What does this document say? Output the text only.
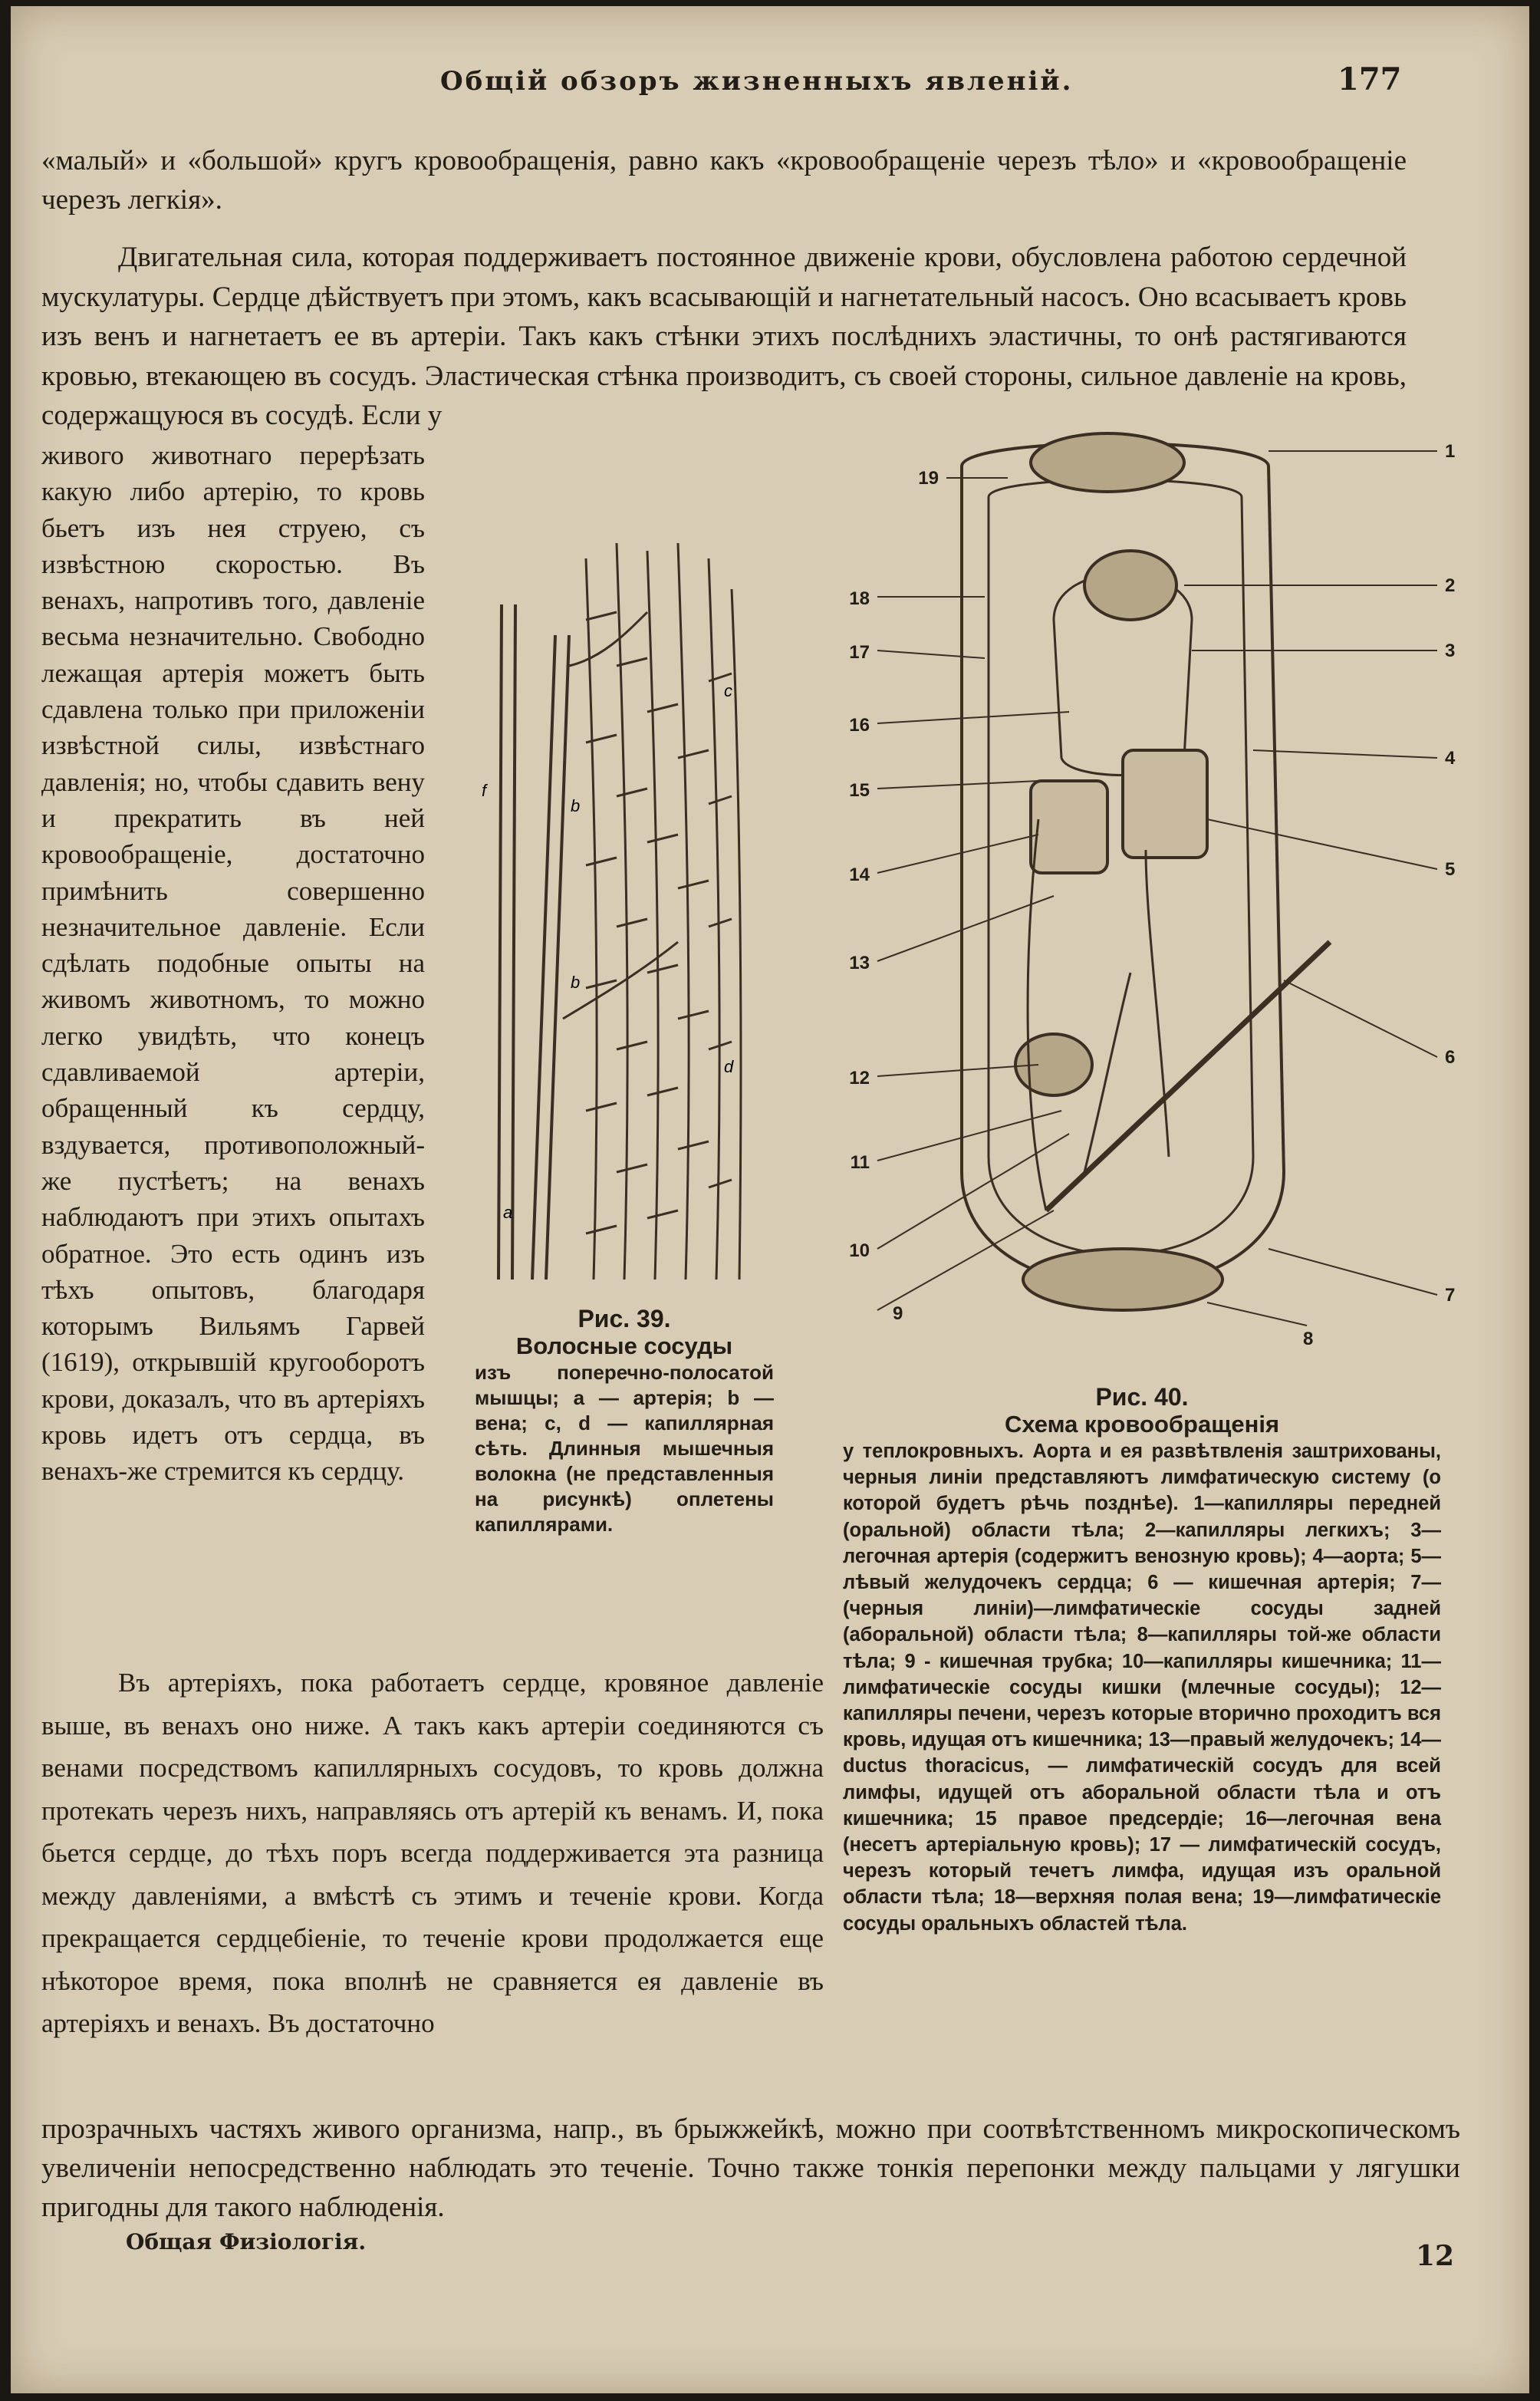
Общій обзоръ жизненныхъ явленій.	177

«малый» и «большой» кругъ кровообращенія, равно какъ «кровообращеніе черезъ тѣло» и «кровообращеніе черезъ легкія».

Двигательная сила, которая поддерживаетъ постоянное движеніе крови, обусловлена работою сердечной мускулатуры. Сердце дѣйствуетъ при этомъ, какъ всасывающій и нагнетательный насосъ. Оно всасываетъ кровь изъ венъ и нагнетаетъ ее въ артеріи. Такъ какъ стѣнки этихъ послѣднихъ эластичны, то онѣ растягиваются кровью, втекающею въ сосудъ. Эластическая стѣнка производитъ, съ своей стороны, сильное давленіе на кровь, содержащуюся въ сосудѣ. Если у

живого животнаго перерѣзать какую либо артерію, то кровь бьетъ изъ нея струею, съ извѣстною скоростью. Въ венахъ, напротивъ того, давленіе весьма незначительно. Свободно лежащая артерія можетъ быть сдавлена только при приложеніи извѣстной силы, извѣстнаго давленія; но, чтобы сдавить вену и прекратить въ ней кровообращеніе, достаточно примѣнить совершенно незначительное давленіе. Если сдѣлать подобные опыты на живомъ животномъ, то можно легко увидѣть, что конецъ сдавливаемой артеріи, обращенный къ сердцу, вздувается, противоположный-же пустѣетъ; на венахъ наблюдаютъ при этихъ опытахъ обратное. Это есть одинъ изъ тѣхъ опытовъ, благодаря которымъ Вильямъ Гарвей (1619), открывшій кругооборотъ крови, доказалъ, что въ артеріяхъ кровь идетъ отъ сердца, въ венахъ-же стремится къ сердцу.

f
b
b
c
d
a
Рис. 39.
Волосные сосуды
изъ поперечно-полосатой мышцы; a — артерія; b — вена; c, d — капиллярная сѣть. Длинныя мышечныя волокна (не представленныя на рисункѣ) оплетены капиллярами.
1
2
3
4
5
6
7
8
9
10
11
12
13
14
15
16
17
18
19
Рис. 40.
Схема кровообращенія
у теплокровныхъ. Аорта и ея развѣтвленія заштрихованы, черныя линіи представляютъ лимфатическую систему (о которой будетъ рѣчь позднѣе). 1—капилляры передней (оральной) области тѣла; 2—капилляры легкихъ; 3—легочная артерія (содержитъ венозную кровь); 4—аорта; 5—лѣвый желудочекъ сердца; 6 — кишечная артерія; 7—(черныя линіи)—лимфатическіе сосуды задней (аборальной) области тѣла; 8—капилляры той-же области тѣла; 9 - кишечная трубка; 10—капилляры кишечника; 11—лимфатическіе сосуды кишки (млечные сосуды); 12—капилляры печени, черезъ которые вторично проходитъ вся кровь, идущая отъ кишечника; 13—правый желудочекъ; 14—ductus thoracicus, — лимфатическій сосудъ для всей лимфы, идущей отъ аборальной области тѣла и отъ кишечника; 15 правое предсердіе; 16—легочная вена (несетъ артеріальную кровь); 17 — лимфатическій сосудъ, черезъ который течетъ лимфа, идущая изъ оральной области тѣла; 18—верхняя полая вена; 19—лимфатическіе сосуды оральныхъ областей тѣла.

Въ артеріяхъ, пока работаетъ сердце, кровяное давленіе выше, въ венахъ оно ниже. А такъ какъ артеріи соединяются съ венами посредствомъ капиллярныхъ сосудовъ, то кровь должна протекать черезъ нихъ, направляясь отъ артерій къ венамъ. И, пока бьется сердце, до тѣхъ поръ всегда поддерживается эта разница между давленіями, а вмѣстѣ съ этимъ и теченіе крови. Когда прекращается сердцебіеніе, то теченіе крови продолжается еще нѣкоторое время, пока вполнѣ не сравняется ея давленіе въ артеріяхъ и венахъ. Въ достаточно

прозрачныхъ частяхъ живого организма, напр., въ брыжжейкѣ, можно при соотвѣтственномъ микроскопическомъ увеличеніи непосредственно наблюдать это теченіе. Точно также тонкія перепонки между пальцами у лягушки пригодны для такого наблюденія.

Общая Физіологія.	12
